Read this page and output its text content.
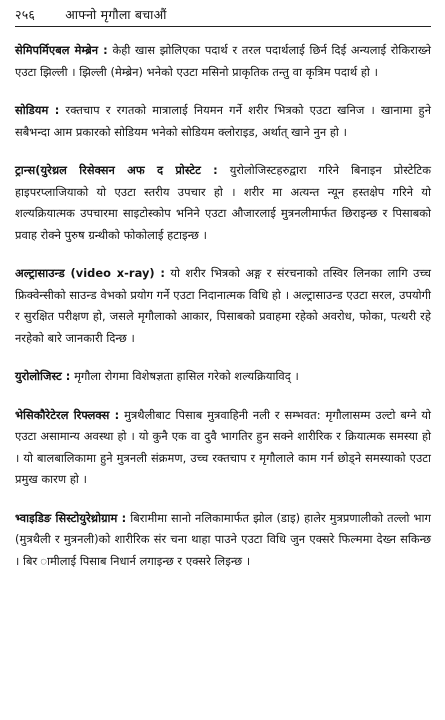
२५६ आफ्नो मृगौला बचाऔं

सेमिपर्मिएबल मेम्ब्रेन : केही खास झोलिएका पदार्थ र तरल पदार्थलाई छिर्न दिई अन्यलाई रोकिराख्ने एउटा झिल्ली । झिल्ली (मेम्ब्रेन) भनेको एउटा मसिनो प्राकृतिक तन्तु वा कृत्रिम पदार्थ हो ।

सोडियम : रक्तचाप र रगतको मात्रालाई नियमन गर्ने शरीर भित्रको एउटा खनिज । खानामा हुने सबैभन्दा आम प्रकारको सोडियम भनेको सोडियम क्लोराइड, अर्थात् खाने नुन हो ।

ट्रान्स(युरेथ्रल रिसेक्सन अफ द प्रोस्टेट : युरोलोजिस्टहरुद्वारा गरिने बिनाइन प्रोस्टेटिक हाइपरप्लाजियाको यो एउटा स्तरीय उपचार हो । शरीर मा अत्यन्त न्यून हस्तक्षेप गरिने यो शल्यक्रियात्मक उपचारमा साइटोस्कोप भनिने एउटा औजारलाई मुत्रनलीमार्फत छिराइन्छ र पिसाबको प्रवाह रोक्ने पुरुष ग्रन्थीको फोकोलाई हटाइन्छ ।

अल्ट्रासाउन्ड (video x-ray) : यो शरीर भित्रको अङ्ग र संरचनाको तस्विर लिनका लागि उच्च फ्रिक्वेन्सीको साउन्ड वेभको प्रयोग गर्ने एउटा निदानात्मक विधि हो । अल्ट्रासाउन्ड एउटा सरल, उपयोगी र सुरक्षित परीक्षण हो, जसले मृगौलाको आकार, पिसाबको प्रवाहमा रहेको अवरोध, फोका, पत्थरी रहे नरहेको बारे जानकारी दिन्छ ।

युरोलोजिस्ट : मृगौला रोगमा विशेषज्ञता हासिल गरेको शल्यक्रियाविद् ।

भेसिकौरेटेरल रिफ्लक्स : मुत्रथैलीबाट पिसाब मुत्रवाहिनी नली र सम्भवत: मृगौलासम्म उल्टो बग्ने यो एउटा असामान्य अवस्था हो । यो कुनै एक वा दुवै भागतिर हुन सक्ने शारीरिक र क्रियात्मक समस्या हो । यो बालबालिकामा हुने मुत्रनली संक्रमण, उच्च रक्तचाप र मृगौलाले काम गर्न छोड्ने समस्याको एउटा प्रमुख कारण हो ।

भ्वाइडिङ सिस्टोयुरेथ्रोग्राम : बिरामीमा सानो नलिकामार्फत झोल (डाइ) हालेर मुत्रप्रणालीको तल्लो भाग (मुत्रथैली र मुत्रनली)को शारीरिक संर चना थाहा पाउने एउटा विधि जुन एक्सरे फिल्ममा देख्न सकिन्छ । बिर ामीलाई पिसाब निधार्न लगाइन्छ र एक्सरे लिइन्छ ।
